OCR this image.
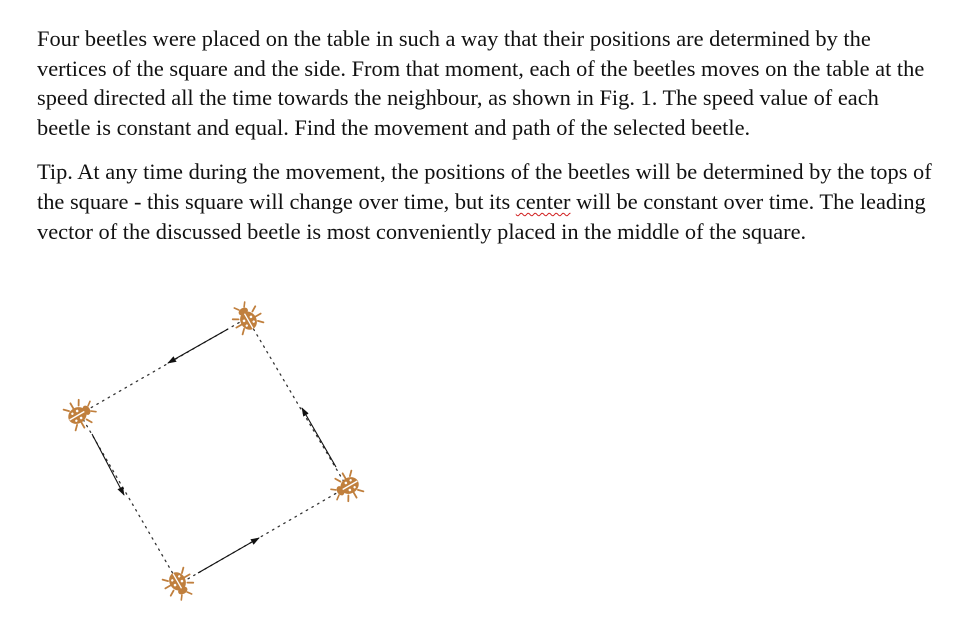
Four beetles were placed on the table in such a way that their positions are determined by the vertices of the square and the side. From that moment, each of the beetles moves on the table at the speed directed all the time towards the neighbour, as shown in Fig. 1. The speed value of each beetle is constant and equal. Find the movement and path of the selected beetle.

Tip. At any time during the movement, the positions of the beetles will be determined by the tops of the square - this square will change over time, but its center will be constant over time. The leading vector of the discussed beetle is most conveniently placed in the middle of the square.
